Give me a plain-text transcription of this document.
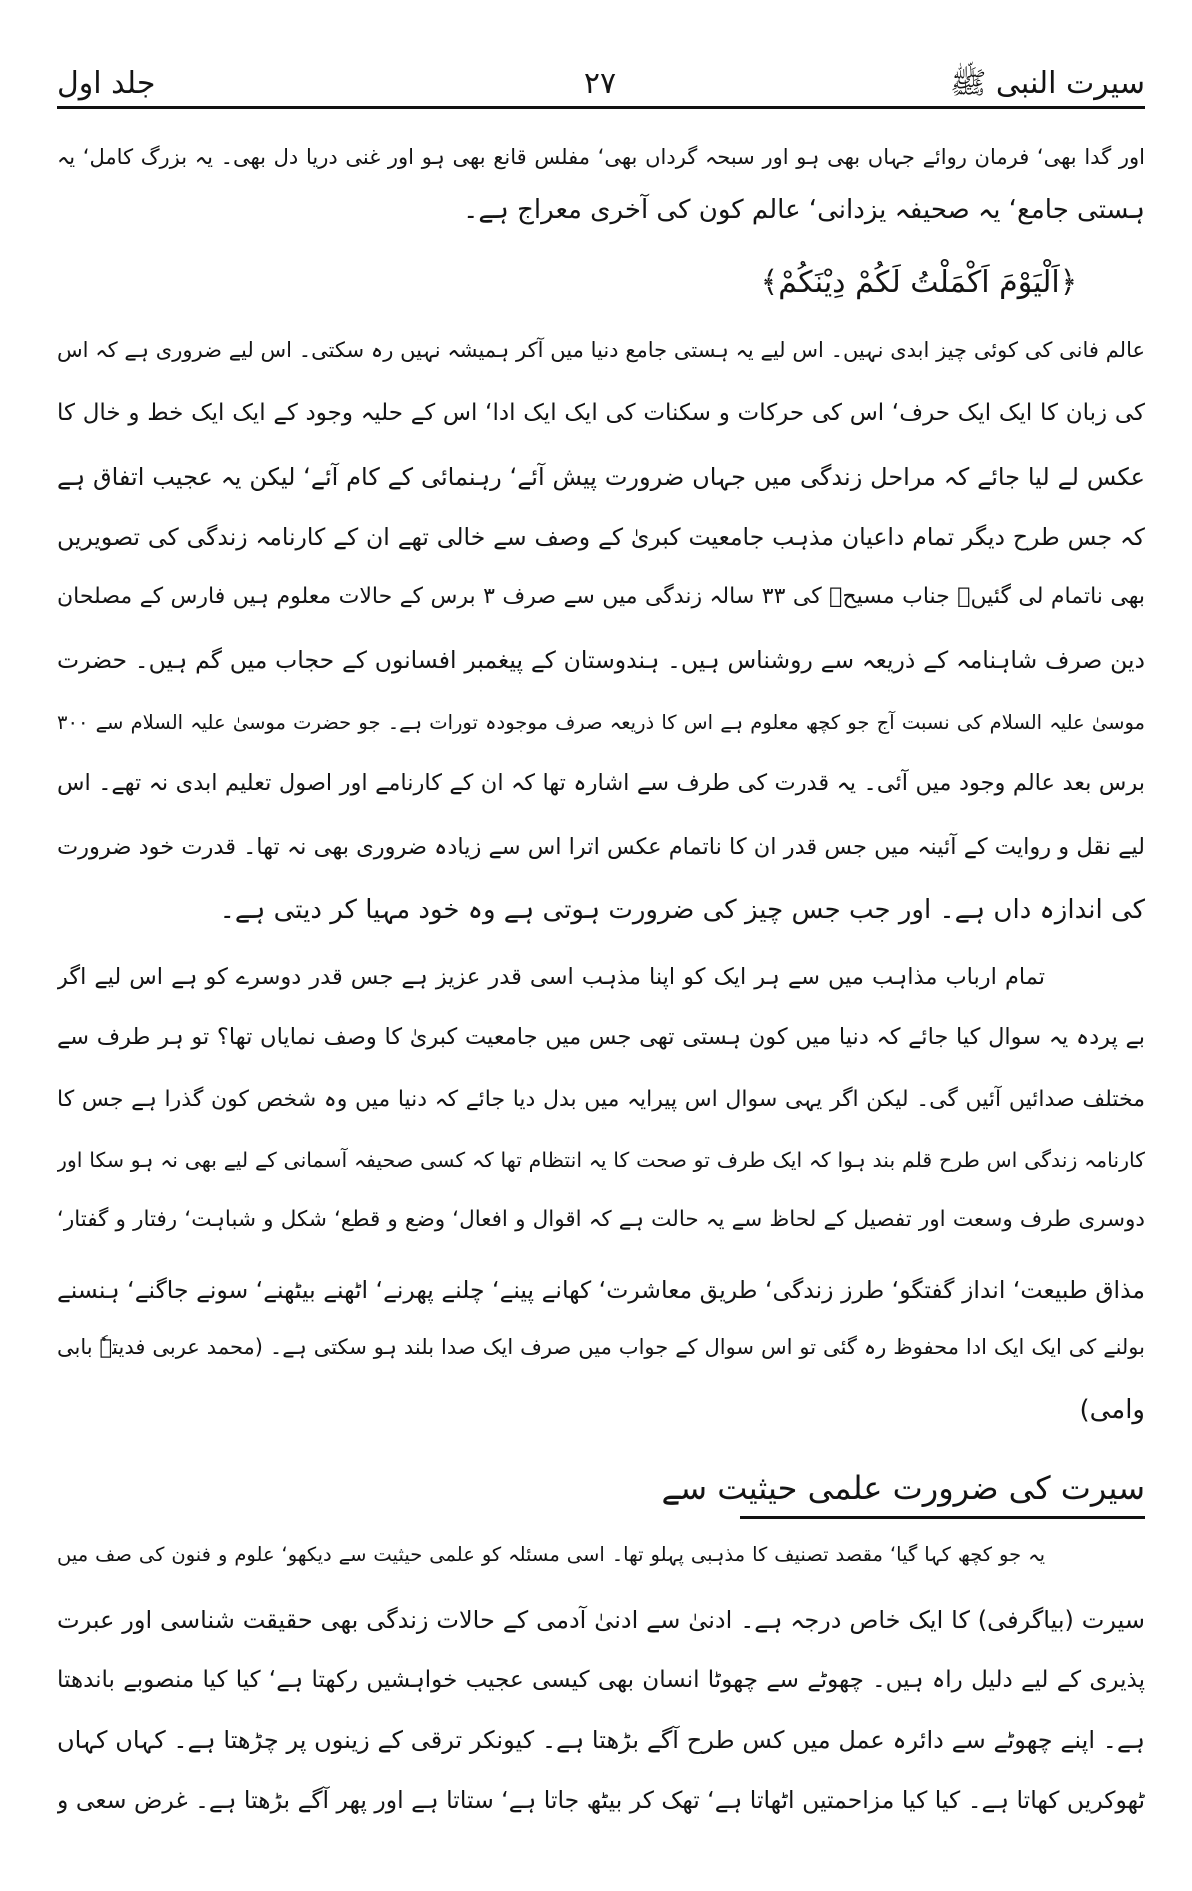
سیرت النبی ﷺ
۲۷
جلد اول
اور گدا بھی‘ فرمان روائے جہاں بھی ہو اور سبحہ گرداں بھی‘ مفلس قانع بھی ہو اور غنی دریا دل بھی۔ یہ بزرگ کامل‘ یہ
ہستی جامع‘ یہ صحیفہ یزدانی‘ عالم کون کی آخری معراج ہے۔
﴿اَلْيَوْمَ اَكْمَلْتُ لَكُمْ دِيْنَكُمْ﴾
عالم فانی کی کوئی چیز ابدی نہیں۔ اس لیے یہ ہستی جامع دنیا میں آکر ہمیشہ نہیں رہ سکتی۔ اس لیے ضروری ہے کہ اس
کی زبان کا ایک ایک حرف‘ اس کی حرکات و سکنات کی ایک ایک ادا‘ اس کے حلیہ وجود کے ایک ایک خط و خال کا
عکس لے لیا جائے کہ مراحل زندگی میں جہاں ضرورت پیش آئے‘ رہنمائی کے کام آئے‘ لیکن یہ عجیب اتفاق ہے
کہ جس طرح دیگر تمام داعیان مذہب جامعیت کبریٰ کے وصف سے خالی تھے ان کے کارنامہ زندگی کی تصویریں
بھی ناتمام لی گئیں۔ جناب مسیحؑ کی ۳۳ سالہ زندگی میں سے صرف ۳ برس کے حالات معلوم ہیں فارس کے مصلحان
دین صرف شاہنامہ کے ذریعہ سے روشناس ہیں۔ ہندوستان کے پیغمبر افسانوں کے حجاب میں گم ہیں۔ حضرت
موسیٰ علیہ السلام کی نسبت آج جو کچھ معلوم ہے اس کا ذریعہ صرف موجودہ تورات ہے۔ جو حضرت موسیٰ علیہ السلام سے ۳۰۰
برس بعد عالم وجود میں آئی۔ یہ قدرت کی طرف سے اشارہ تھا کہ ان کے کارنامے اور اصول تعلیم ابدی نہ تھے۔ اس
لیے نقل و روایت کے آئینہ میں جس قدر ان کا ناتمام عکس اترا اس سے زیادہ ضروری بھی نہ تھا۔ قدرت خود ضرورت
کی اندازہ داں ہے۔ اور جب جس چیز کی ضرورت ہوتی ہے وہ خود مہیا کر دیتی ہے۔
تمام ارباب مذاہب میں سے ہر ایک کو اپنا مذہب اسی قدر عزیز ہے جس قدر دوسرے کو ہے اس لیے اگر
بے پردہ یہ سوال کیا جائے کہ دنیا میں کون ہستی تھی جس میں جامعیت کبریٰ کا وصف نمایاں تھا؟ تو ہر طرف سے
مختلف صدائیں آئیں گی۔ لیکن اگر یہی سوال اس پیرایہ میں بدل دیا جائے کہ دنیا میں وہ شخص کون گذرا ہے جس کا
کارنامہ زندگی اس طرح قلم بند ہوا کہ ایک طرف تو صحت کا یہ انتظام تھا کہ کسی صحیفہ آسمانی کے لیے بھی نہ ہو سکا اور
دوسری طرف وسعت اور تفصیل کے لحاظ سے یہ حالت ہے کہ اقوال و افعال‘ وضع و قطع‘ شکل و شباہت‘ رفتار و گفتار‘
مذاق طبیعت‘ انداز گفتگو‘ طرز زندگی‘ طریق معاشرت‘ کھانے پینے‘ چلنے پھرنے‘ اٹھنے بیٹھنے‘ سونے جاگنے‘ ہنسنے
بولنے کی ایک ایک ادا محفوظ رہ گئی تو اس سوال کے جواب میں صرف ایک صدا بلند ہو سکتی ہے۔ (محمد عربی فدیتہٗ بابی
وامی)
یہ جو کچھ کہا گیا‘ مقصد تصنیف کا مذہبی پہلو تھا۔ اسی مسئلہ کو علمی حیثیت سے دیکھو‘ علوم و فنون کی صف میں
سیرت (بیاگرفی) کا ایک خاص درجہ ہے۔ ادنیٰ سے ادنیٰ آدمی کے حالات زندگی بھی حقیقت شناسی اور عبرت
پذیری کے لیے دلیل راہ ہیں۔ چھوٹے سے چھوٹا انسان بھی کیسی عجیب خواہشیں رکھتا ہے‘ کیا کیا منصوبے باندھتا
ہے۔ اپنے چھوٹے سے دائرہ عمل میں کس طرح آگے بڑھتا ہے۔ کیونکر ترقی کے زینوں پر چڑھتا ہے۔ کہاں کہاں
ٹھوکریں کھاتا ہے۔ کیا کیا مزاحمتیں اٹھاتا ہے‘ تھک کر بیٹھ جاتا ہے‘ ستاتا ہے اور پھر آگے بڑھتا ہے۔ غرض سعی و
سیرت کی ضرورت علمی حیثیت سے
